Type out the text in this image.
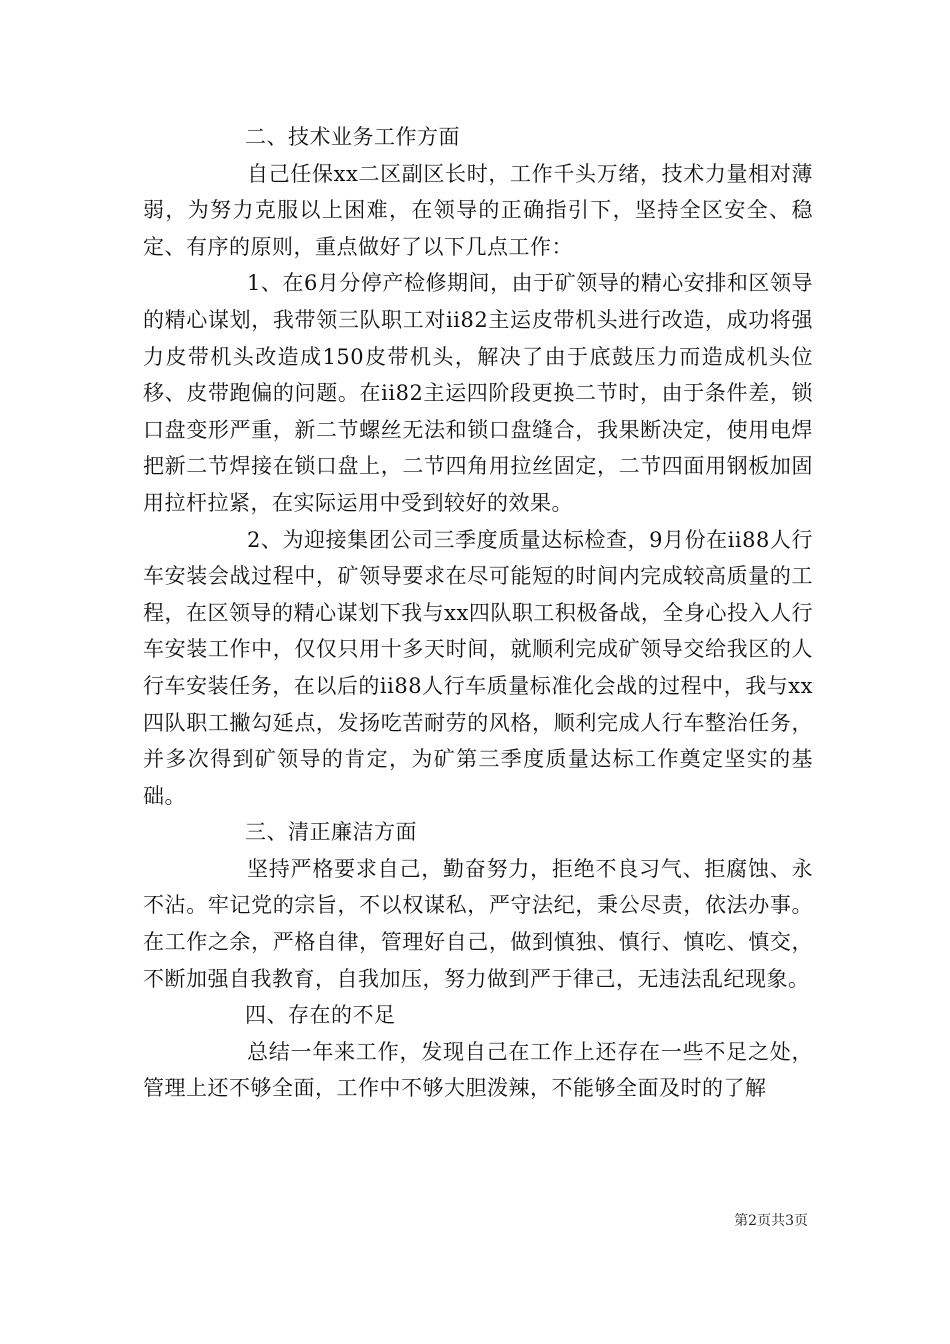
二、技术业务工作方面

自己任保xx二区副区长时，工作千头万绪，技术力量相对薄弱，为努力克服以上困难，在领导的正确指引下，坚持全区安全、稳定、有序的原则，重点做好了以下几点工作：

1、在6月分停产检修期间，由于矿领导的精心安排和区领导的精心谋划，我带领三队职工对ii82主运皮带机头进行改造，成功将强力皮带机头改造成150皮带机头，解决了由于底鼓压力而造成机头位移、皮带跑偏的问题。在ii82主运四阶段更换二节时，由于条件差，锁口盘变形严重，新二节螺丝无法和锁口盘缝合，我果断决定，使用电焊把新二节焊接在锁口盘上，二节四角用拉丝固定，二节四面用钢板加固用拉杆拉紧，在实际运用中受到较好的效果。

2、为迎接集团公司三季度质量达标检查，9月份在ii88人行车安装会战过程中，矿领导要求在尽可能短的时间内完成较高质量的工程，在区领导的精心谋划下我与xx四队职工积极备战，全身心投入人行车安装工作中，仅仅只用十多天时间，就顺利完成矿领导交给我区的人行车安装任务，在以后的ii88人行车质量标准化会战的过程中，我与xx四队职工撇勾延点，发扬吃苦耐劳的风格，顺利完成人行车整治任务，并多次得到矿领导的肯定，为矿第三季度质量达标工作奠定坚实的基础。

三、清正廉洁方面

坚持严格要求自己，勤奋努力，拒绝不良习气、拒腐蚀、永不沾。牢记党的宗旨，不以权谋私，严守法纪，秉公尽责，依法办事。在工作之余，严格自律，管理好自己，做到慎独、慎行、慎吃、慎交，不断加强自我教育，自我加压，努力做到严于律己，无违法乱纪现象。

四、存在的不足

总结一年来工作，发现自己在工作上还存在一些不足之处，管理上还不够全面，工作中不够大胆泼辣，不能够全面及时的了解

第2页共3页
